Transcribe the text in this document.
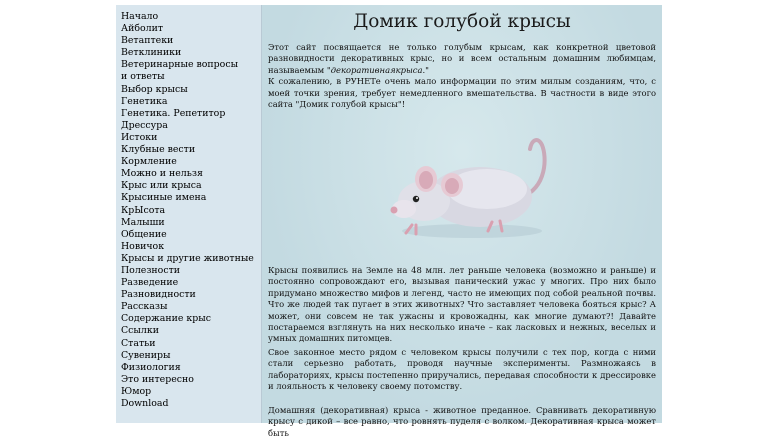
Начало
Айболит
Ветаптеки
Ветклиники
Ветеринарные вопросы
и ответы
Выбор крысы
Генетика
Генетика. Репетитор
Дрессура
Истоки
Клубные вести
Кормление
Можно и нельзя
Крыс или крыса
Крысиные имена
КрЫсота
Малыши
Общение
Новичок
Крысы и другие животные
Полезности
Разведение
Разновидности
Рассказы
Содержание крыс
Ссылки
Статьи
Сувениры
Физиология
Это интересно
Юмор
Download
Домик голубой крысы

Этот сайт посвящается не только голубым крысам, как конкретной цветовой разновидности декоративных крыс, но и всем остальным домашним любимцам, называемым "декоративнаякрыса."
К сожалению, в РУНЕТе очень мало информации по этим милым созданиям, что, с моей точки зрения, требует немедленного вмешательства. В частности в виде этого сайта "Домик голубой крысы"!

Крысы появились на Земле на 48 млн. лет раньше человека (возможно и раньше) и постоянно сопровождают его, вызывая панический ужас у многих. Про них было придумано множество мифов и легенд, часто не имеющих под собой реальной почвы. Что же людей так пугает в этих животных? Что заставляет человека бояться крыс? А может, они совсем не так ужасны и кровожадны, как многие думают?! Давайте постараемся взглянуть на них несколько иначе – как ласковых и нежных, веселых и умных домашних питомцев.

Свое законное место рядом с человеком крысы получили с тех пор, когда с ними стали серьезно работать, проводя научные эксперименты. Размножаясь в лабораториях, крысы постепенно приручались, передавая способности к дрессировке и лояльность к человеку своему потомству.

Домашняя (декоративная) крыса - животное преданное. Сравнивать декоративную крысу с дикой – все равно, что ровнять пуделя с волком. Декоративная крыса может быть
